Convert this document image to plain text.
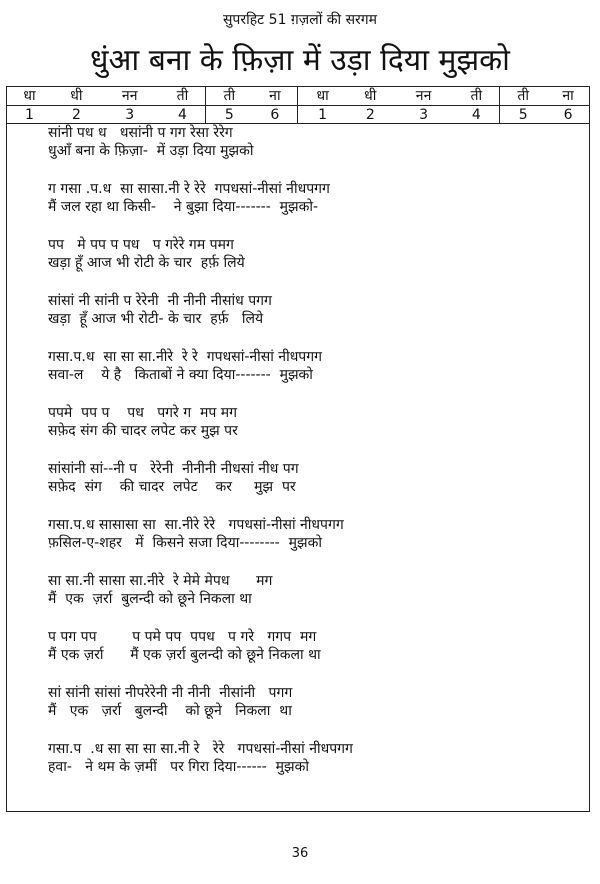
सुपरहिट 51 ग़ज़लों की सरगम
धुंआ बना के फ़िज़ा में उड़ा दिया मुझको
धा	धी	नन	ती	ती	ना	धा	धी	नन	ती	ती	ना
1	2	3	4	5	6	1	2	3	4	5	6
सांनी पध ध   धसांनी प गग रेसा रेरेग
धुआँ बना के फ़िज़ा-  में उड़ा दिया मुझको
ग गसा .प.ध  सा सासा.नी रे रेरे  गपधसां-नीसां नीधपगग
मैं जल रहा था किसी-    ने बुझा दिया-------  मुझको-
पप   मे पप प पध   प गरेरे गम पमग
खड़ा हूँ आज भी रोटी के चार  हर्फ़ लिये
सांसां नी सांनी प रेरेनी  नी नीनी नीसांध पगग
खड़ा  हूँ आज भी रोटी- के चार  हर्फ़   लिये
गसा.प.ध  सा सा सा.नीरे  रे रे  गपधसां-नीसां नीधपगग
सवा-ल    ये है   किताबों ने क्या दिया-------  मुझको
पपमे  पप प    पध   पगरे ग  मप मग
सफ़ेद संग की चादर लपेट कर मुझ पर
सांसांनी सां--नी प   रेरेनी  नीनीनी नीधसां नीध पग
सफ़ेद  संग    की चादर  लपेट    कर     मुझ  पर
गसा.प.ध सासासा सा  सा.नीरे रेरे   गपधसां-नीसां नीधपगग
फ़सिल-ए-शहर   में  किसने सजा दिया--------  मुझको
सा सा.नी सासा सा.नीरे  रे मेमे मेपध      मग
मैं  एक  ज़र्रा  बुलन्दी को छूने निकला था
प पग पप        प पमे पप  पपध   प गरे   गगप  मग
मैं एक ज़र्रा      मैं एक ज़र्रा बुलन्दी को छूने निकला था
सां सांनी सांसां नीपरेरेनी नी नीनी  नीसांनी   पगग
मैं   एक   ज़र्रा   बुलन्दी    को छूने   निकला  था
गसा.प  .ध सा सा सा सा.नी रे   रेरे   गपधसां-नीसां नीधपगग
हवा-   ने थम के ज़मीं   पर गिरा दिया------  मुझको
36
